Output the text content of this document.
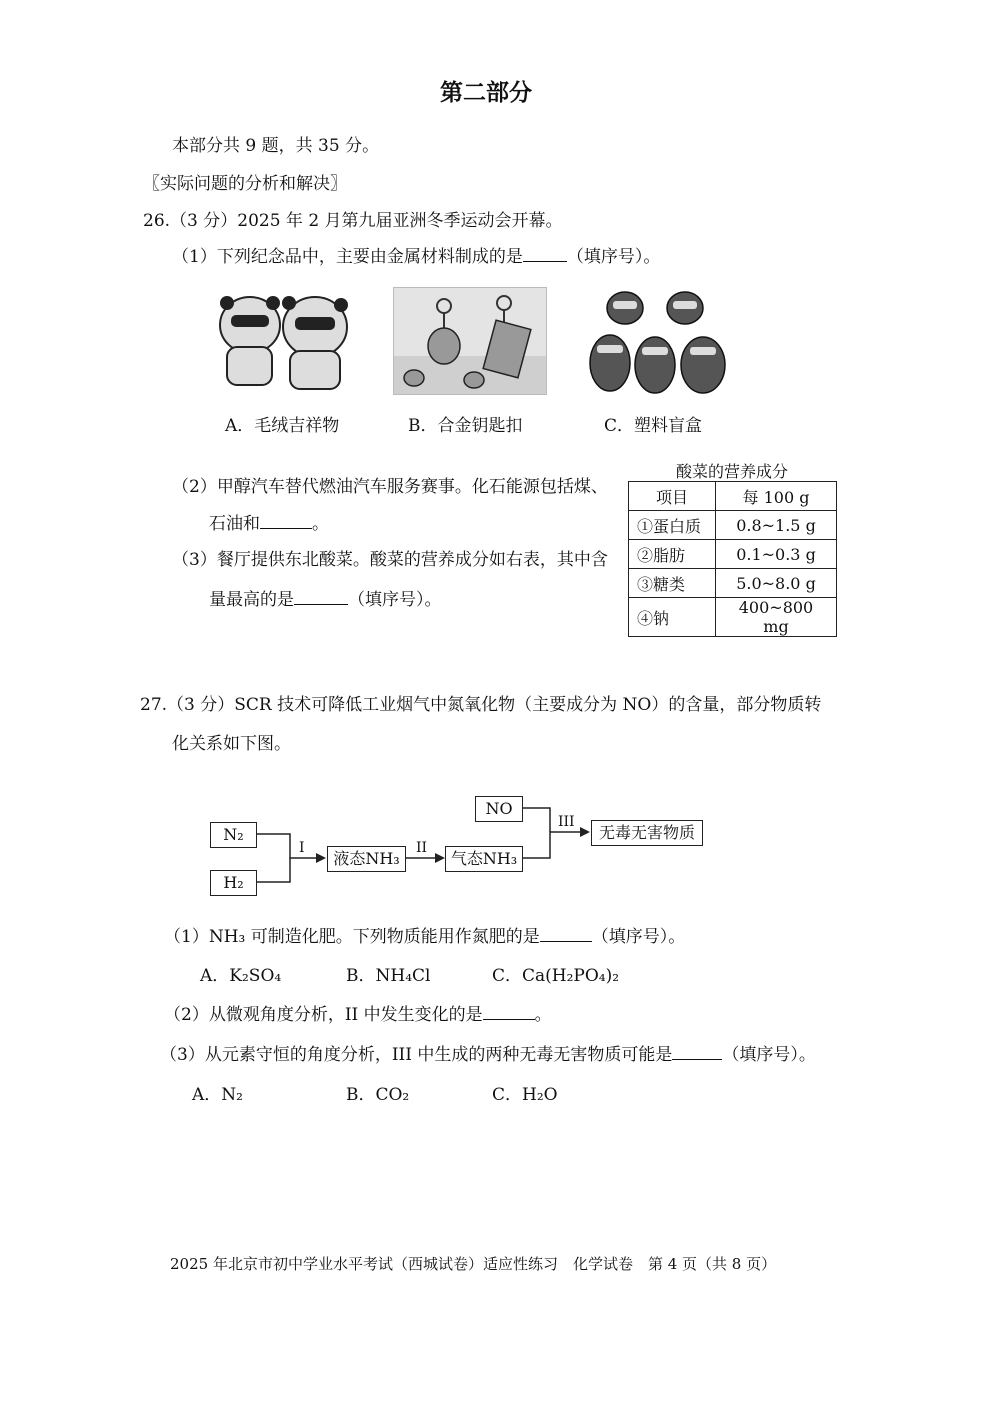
第二部分
本部分共 9 题，共 35 分。
〖实际问题的分析和解决〗
26.（3 分）2025 年 2 月第九届亚洲冬季运动会开幕。
（1）下列纪念品中，主要由金属材料制成的是	（填序号）。
A．毛绒吉祥物	B．合金钥匙扣	C．塑料盲盒
（2）甲醇汽车替代燃油汽车服务赛事。化石能源包括煤、
石油和	。
（3）餐厅提供东北酸菜。酸菜的营养成分如右表，其中含
量最高的是	（填序号）。
酸菜的营养成分
项目	每 100 g
①蛋白质	0.8~1.5 g
②脂肪	0.1~0.3 g
③糖类	5.0~8.0 g
④钠	400~800 mg
27.（3 分）SCR 技术可降低工业烟气中氮氧化物（主要成分为 NO）的含量，部分物质转
化关系如下图。
N₂
H₂
液态NH₃	气态NH₃
NO
无毒无害物质
I	II
III
（1）NH₃ 可制造化肥。下列物质能用作氮肥的是	（填序号）。
A．K₂SO₄	B．NH₄Cl	C．Ca(H₂PO₄)₂
（2）从微观角度分析，II 中发生变化的是	。
（3）从元素守恒的角度分析，III 中生成的两种无毒无害物质可能是	（填序号）。
A．N₂	B．CO₂	C．H₂O
2025 年北京市初中学业水平考试（西城试卷）适应性练习　化学试卷　第 4 页（共 8 页）
